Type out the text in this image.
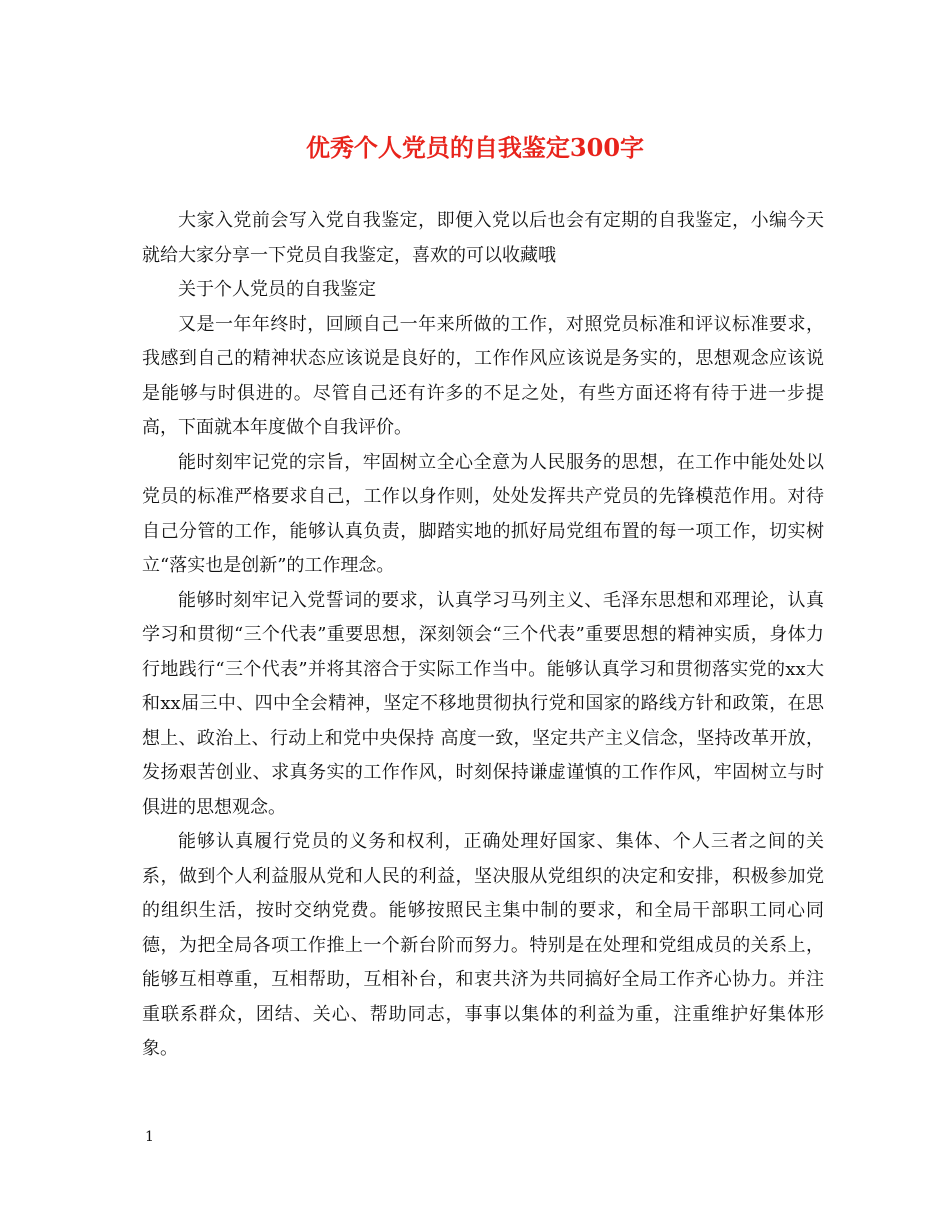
优秀个人党员的自我鉴定300字

大家入党前会写入党自我鉴定，即便入党以后也会有定期的自我鉴定，小编今天就给大家分享一下党员自我鉴定，喜欢的可以收藏哦

关于个人党员的自我鉴定

又是一年年终时，回顾自己一年来所做的工作，对照党员标准和评议标准要求，我感到自己的精神状态应该说是良好的，工作作风应该说是务实的，思想观念应该说是能够与时俱进的。尽管自己还有许多的不足之处，有些方面还将有待于进一步提高，下面就本年度做个自我评价。

能时刻牢记党的宗旨，牢固树立全心全意为人民服务的思想，在工作中能处处以党员的标准严格要求自己，工作以身作则，处处发挥共产党员的先锋模范作用。对待自己分管的工作，能够认真负责，脚踏实地的抓好局党组布置的每一项工作，切实树立“落实也是创新”的工作理念。

能够时刻牢记入党誓词的要求，认真学习马列主义、毛泽东思想和邓理论，认真学习和贯彻“三个代表”重要思想，深刻领会“三个代表”重要思想的精神实质，身体力行地践行“三个代表”并将其溶合于实际工作当中。能够认真学习和贯彻落实党的xx大和xx届三中、四中全会精神，坚定不移地贯彻执行党和国家的路线方针和政策，在思想上、政治上、行动上和党中央保持 高度一致，坚定共产主义信念，坚持改革开放，发扬艰苦创业、求真务实的工作作风，时刻保持谦虚谨慎的工作作风，牢固树立与时俱进的思想观念。

能够认真履行党员的义务和权利，正确处理好国家、集体、个人三者之间的关系，做到个人利益服从党和人民的利益，坚决服从党组织的决定和安排，积极参加党的组织生活，按时交纳党费。能够按照民主集中制的要求，和全局干部职工同心同德，为把全局各项工作推上一个新台阶而努力。特别是在处理和党组成员的关系上，能够互相尊重，互相帮助，互相补台，和衷共济为共同搞好全局工作齐心协力。并注重联系群众，团结、关心、帮助同志，事事以集体的利益为重，注重维护好集体形象。

1
